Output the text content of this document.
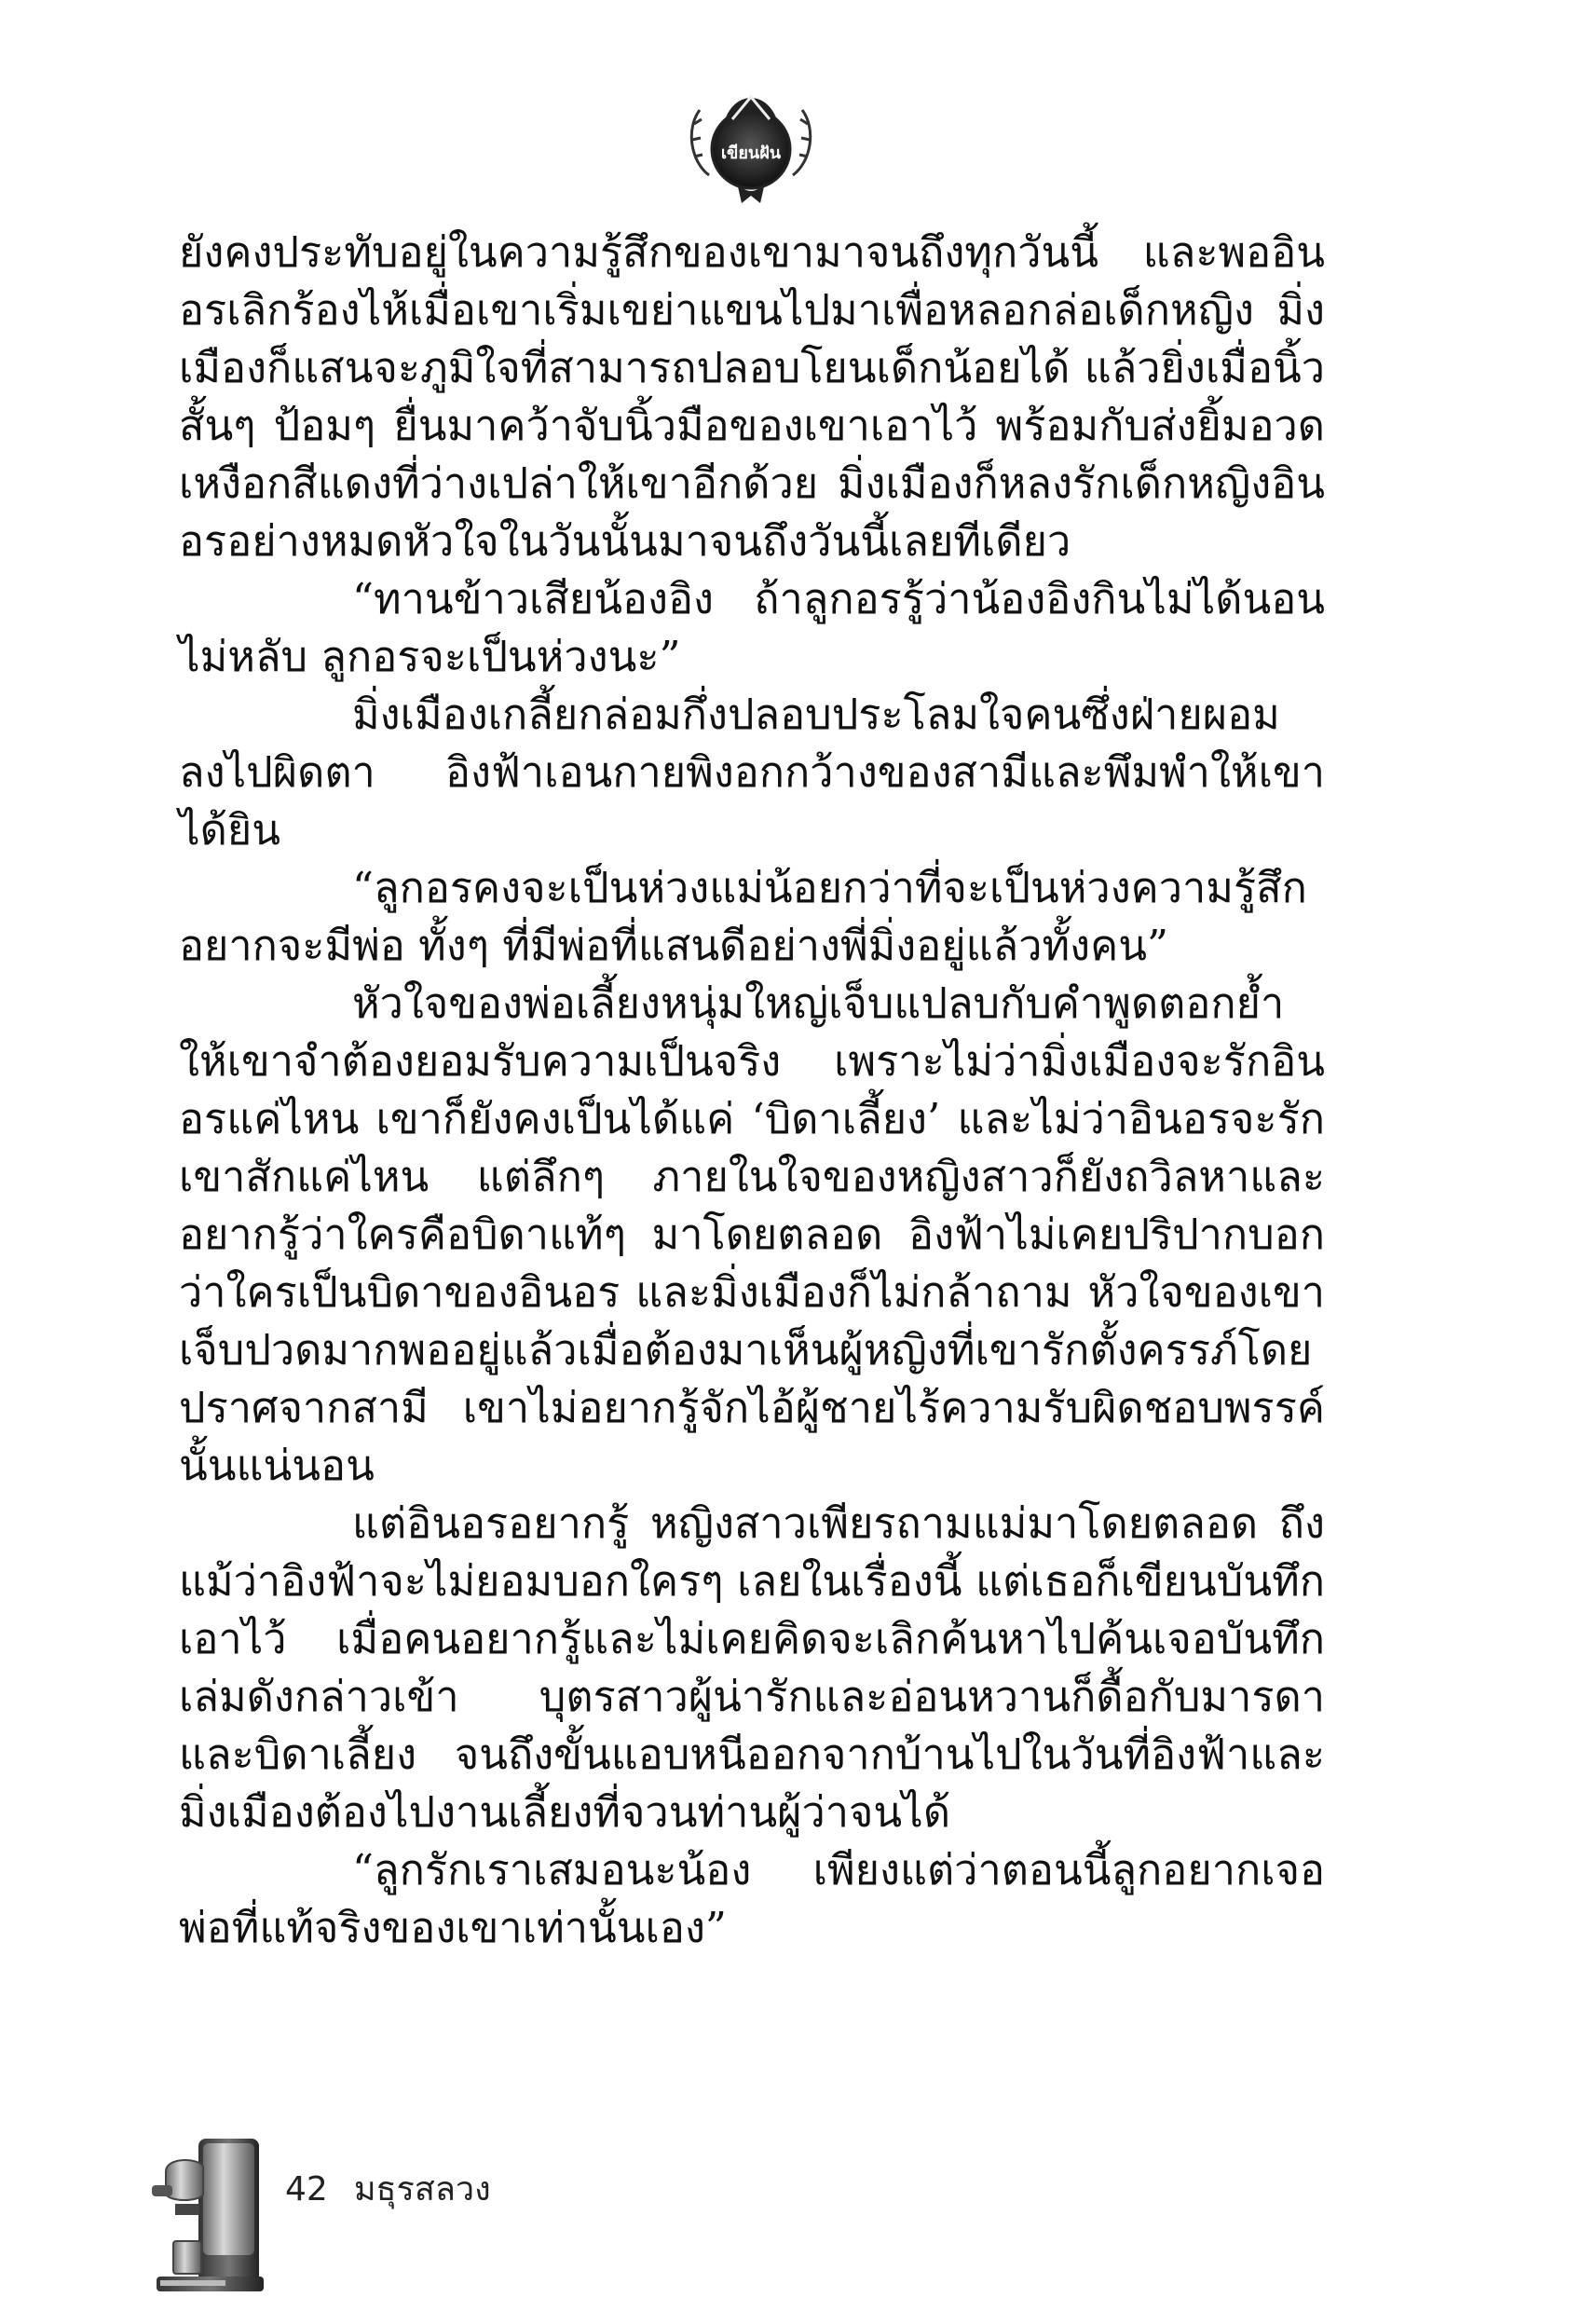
เขียนฝัน

ยังคงประทับอยู่ในความรู้สึกของเขามาจนถึงทุกวันนี้ และพออินอรเลิกร้องไห้เมื่อเขาเริ่มเขย่าแขนไปมาเพื่อหลอกล่อเด็กหญิง มิ่งเมืองก็แสนจะภูมิใจที่สามารถปลอบโยนเด็กน้อยได้ แล้วยิ่งเมื่อนิ้วสั้นๆ ป้อมๆ ยื่นมาคว้าจับนิ้วมือของเขาเอาไว้ พร้อมกับส่งยิ้มอวดเหงือกสีแดงที่ว่างเปล่าให้เขาอีกด้วย มิ่งเมืองก็หลงรักเด็กหญิงอินอรอย่างหมดหัวใจในวันนั้นมาจนถึงวันนี้เลยทีเดียว

“ทานข้าวเสียน้องอิง ถ้าลูกอรรู้ว่าน้องอิงกินไม่ได้นอนไม่หลับ ลูกอรจะเป็นห่วงนะ”

มิ่งเมืองเกลี้ยกล่อมกึ่งปลอบประโลมใจคนซึ่งฝ่ายผอมลงไปผิดตา อิงฟ้าเอนกายพิงอกกว้างของสามีและพึมพำให้เขาได้ยิน

“ลูกอรคงจะเป็นห่วงแม่น้อยกว่าที่จะเป็นห่วงความรู้สึกอยากจะมีพ่อ ทั้งๆ ที่มีพ่อที่แสนดีอย่างพี่มิ่งอยู่แล้วทั้งคน”

หัวใจของพ่อเลี้ยงหนุ่มใหญ่เจ็บแปลบกับคำพูดตอกย้ำให้เขาจำต้องยอมรับความเป็นจริง เพราะไม่ว่ามิ่งเมืองจะรักอินอรแค่ไหน เขาก็ยังคงเป็นได้แค่ ‘บิดาเลี้ยง’ และไม่ว่าอินอรจะรักเขาสักแค่ไหน แต่ลึกๆ ภายในใจของหญิงสาวก็ยังถวิลหาและอยากรู้ว่าใครคือบิดาแท้ๆ มาโดยตลอด อิงฟ้าไม่เคยปริปากบอกว่าใครเป็นบิดาของอินอร และมิ่งเมืองก็ไม่กล้าถาม หัวใจของเขาเจ็บปวดมากพออยู่แล้วเมื่อต้องมาเห็นผู้หญิงที่เขารักตั้งครรภ์โดยปราศจากสามี เขาไม่อยากรู้จักไอ้ผู้ชายไร้ความรับผิดชอบพรรค์นั้นแน่นอน

แต่อินอรอยากรู้ หญิงสาวเพียรถามแม่มาโดยตลอด ถึงแม้ว่าอิงฟ้าจะไม่ยอมบอกใครๆ เลยในเรื่องนี้ แต่เธอก็เขียนบันทึกเอาไว้ เมื่อคนอยากรู้และไม่เคยคิดจะเลิกค้นหาไปค้นเจอบันทึกเล่มดังกล่าวเข้า บุตรสาวผู้น่ารักและอ่อนหวานก็ดื้อกับมารดาและบิดาเลี้ยง จนถึงขั้นแอบหนีออกจากบ้านไปในวันที่อิงฟ้าและมิ่งเมืองต้องไปงานเลี้ยงที่จวนท่านผู้ว่าจนได้

“ลูกรักเราเสมอนะน้อง เพียงแต่ว่าตอนนี้ลูกอยากเจอพ่อที่แท้จริงของเขาเท่านั้นเอง”

42 มธุรสลวง
